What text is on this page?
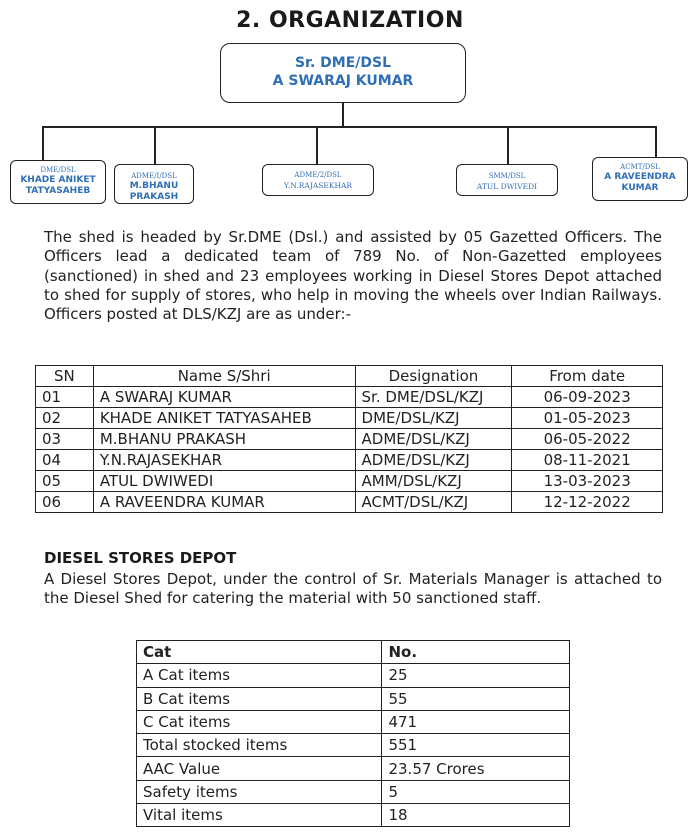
2. ORGANIZATION
Sr. DME/DSL
A SWARAJ KUMAR
DME/DSL
KHADE ANIKET
TATYASAHEB
ADME/I/DSL
M.BHANU
PRAKASH
ADME/2/DSL
Y.N.RAJASEKHAR
SMM/DSL
ATUL DWIVEDI
ACMT/DSL
A RAVEENDRA
KUMAR
The shed is headed by Sr.DME (Dsl.) and assisted by 05 Gazetted Officers. The Officers lead a dedicated team of 789 No. of Non-Gazetted employees (sanctioned) in shed and 23 employees working in Diesel Stores Depot attached to shed for supply of stores, who help in moving the wheels over Indian Railways. Officers posted at DLS/KZJ are as under:-
SN	Name S/Shri	Designation	From date
01	A SWARAJ KUMAR	Sr. DME/DSL/KZJ	06-09-2023
02	KHADE ANIKET TATYASAHEB	DME/DSL/KZJ	01-05-2023
03	M.BHANU PRAKASH	ADME/DSL/KZJ	06-05-2022
04	Y.N.RAJASEKHAR	ADME/DSL/KZJ	08-11-2021
05	ATUL DWIWEDI	AMM/DSL/KZJ	13-03-2023
06	A RAVEENDRA KUMAR	ACMT/DSL/KZJ	12-12-2022
DIESEL STORES DEPOT
A Diesel Stores Depot, under the control of Sr. Materials Manager is attached to the Diesel Shed for catering the material with 50 sanctioned staff.
Cat	No.
A Cat items	25
B Cat items	55
C Cat items	471
Total stocked items	551
AAC Value	23.57 Crores
Safety items	5
Vital items	18
